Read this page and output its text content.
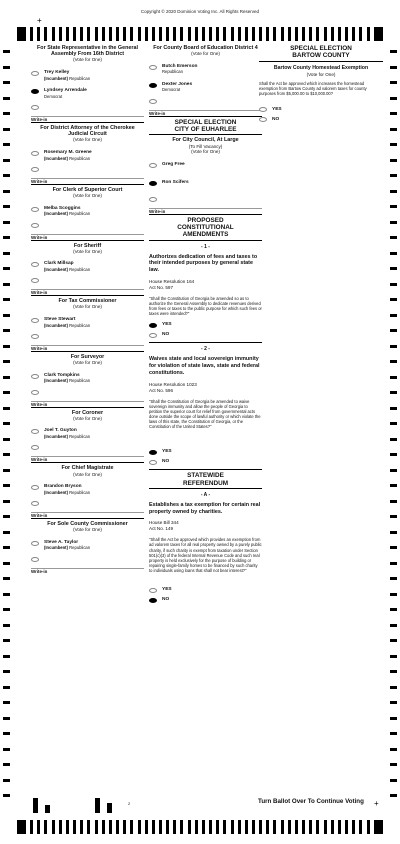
Copyright © 2020 Dominion Voting Inc. All Rights Reserved
+
+
For State Representative in the General Assembly From 16th District
(Vote for One)
Trey Kelley
(Incumbent) Republican
Lyndsey Arrendale
Democrat
Write-in
For District Attorney of the Cherokee Judicial Circuit
(Vote for One)
Rosemary M. Greene
(Incumbent) Republican
Write-in
For Clerk of Superior Court
(Vote for One)
Melba Scoggins
(Incumbent) Republican
Write-in
For Sheriff
(Vote for One)
Clark Millsap
(Incumbent) Republican
Write-in
For Tax Commissioner
(Vote for One)
Steve Stewart
(Incumbent) Republican
Write-in
For Surveyor
(Vote for One)
Clark Tompkins
(Incumbent) Republican
Write-in
For Coroner
(Vote for One)
Joel T. Guyton
(Incumbent) Republican
Write-in
For Chief Magistrate
(Vote for One)
Brandon Bryson
(Incumbent) Republican
Write-in
For Sole County Commissioner
(Vote for One)
Steve A. Taylor
(Incumbent) Republican
Write-in
For County Board of Education District 4
(Vote for One)
Butch Emerson
Republican
Dexter Jones
Democrat
Write-in
SPECIAL ELECTION
CITY OF EUHARLEE
For City Council, At Large
(To Fill Vacancy)
(Vote for One)
Greg Free
Ron Scifers
Write-in
PROPOSED
CONSTITUTIONAL
AMENDMENTS
- 1 -
Authorizes dedication of fees and taxes to their intended purposes by general state law.
House Resolution 164
Act No. 597
"Shall the Constitution of Georgia be amended so as to authorize the General Assembly to dedicate revenues derived from fees or taxes to the public purpose for which such fees or taxes were intended?"
YES
NO
- 2 -
Waives state and local sovereign immunity for violation of state laws, state and federal constitutions.
House Resolution 1023
Act No. 596
"Shall the Constitution of Georgia be amended to waive sovereign immunity and allow the people of Georgia to petition the superior court for relief from governmental acts done outside the scope of lawful authority or which violate the laws of this state, the Constitution of Georgia, or the Constitution of the United States?"
YES
NO
STATEWIDE
REFERENDUM
- A -
Establishes a tax exemption for certain real property owned by charities.
House Bill 344
Act No. 149
"Shall the Act be approved which provides an exemption from ad valorem taxes for all real property owned by a purely public charity, if such charity is exempt from taxation under Section 501(c)(3) of the federal Internal Revenue Code and such real property is held exclusively for the purpose of building or repairing single-family homes to be financed by such charity to individuals using loans that shall not bear interest?"
YES
NO
SPECIAL ELECTION
BARTOW COUNTY
Bartow County Homestead Exemption
(Vote for One)
Shall the Act be approved which increases the homestead exemption from Bartow County ad valorem taxes for county purposes from $5,000.00 to $10,000.00?
YES
NO
2	Turn Ballot Over To Continue Voting
